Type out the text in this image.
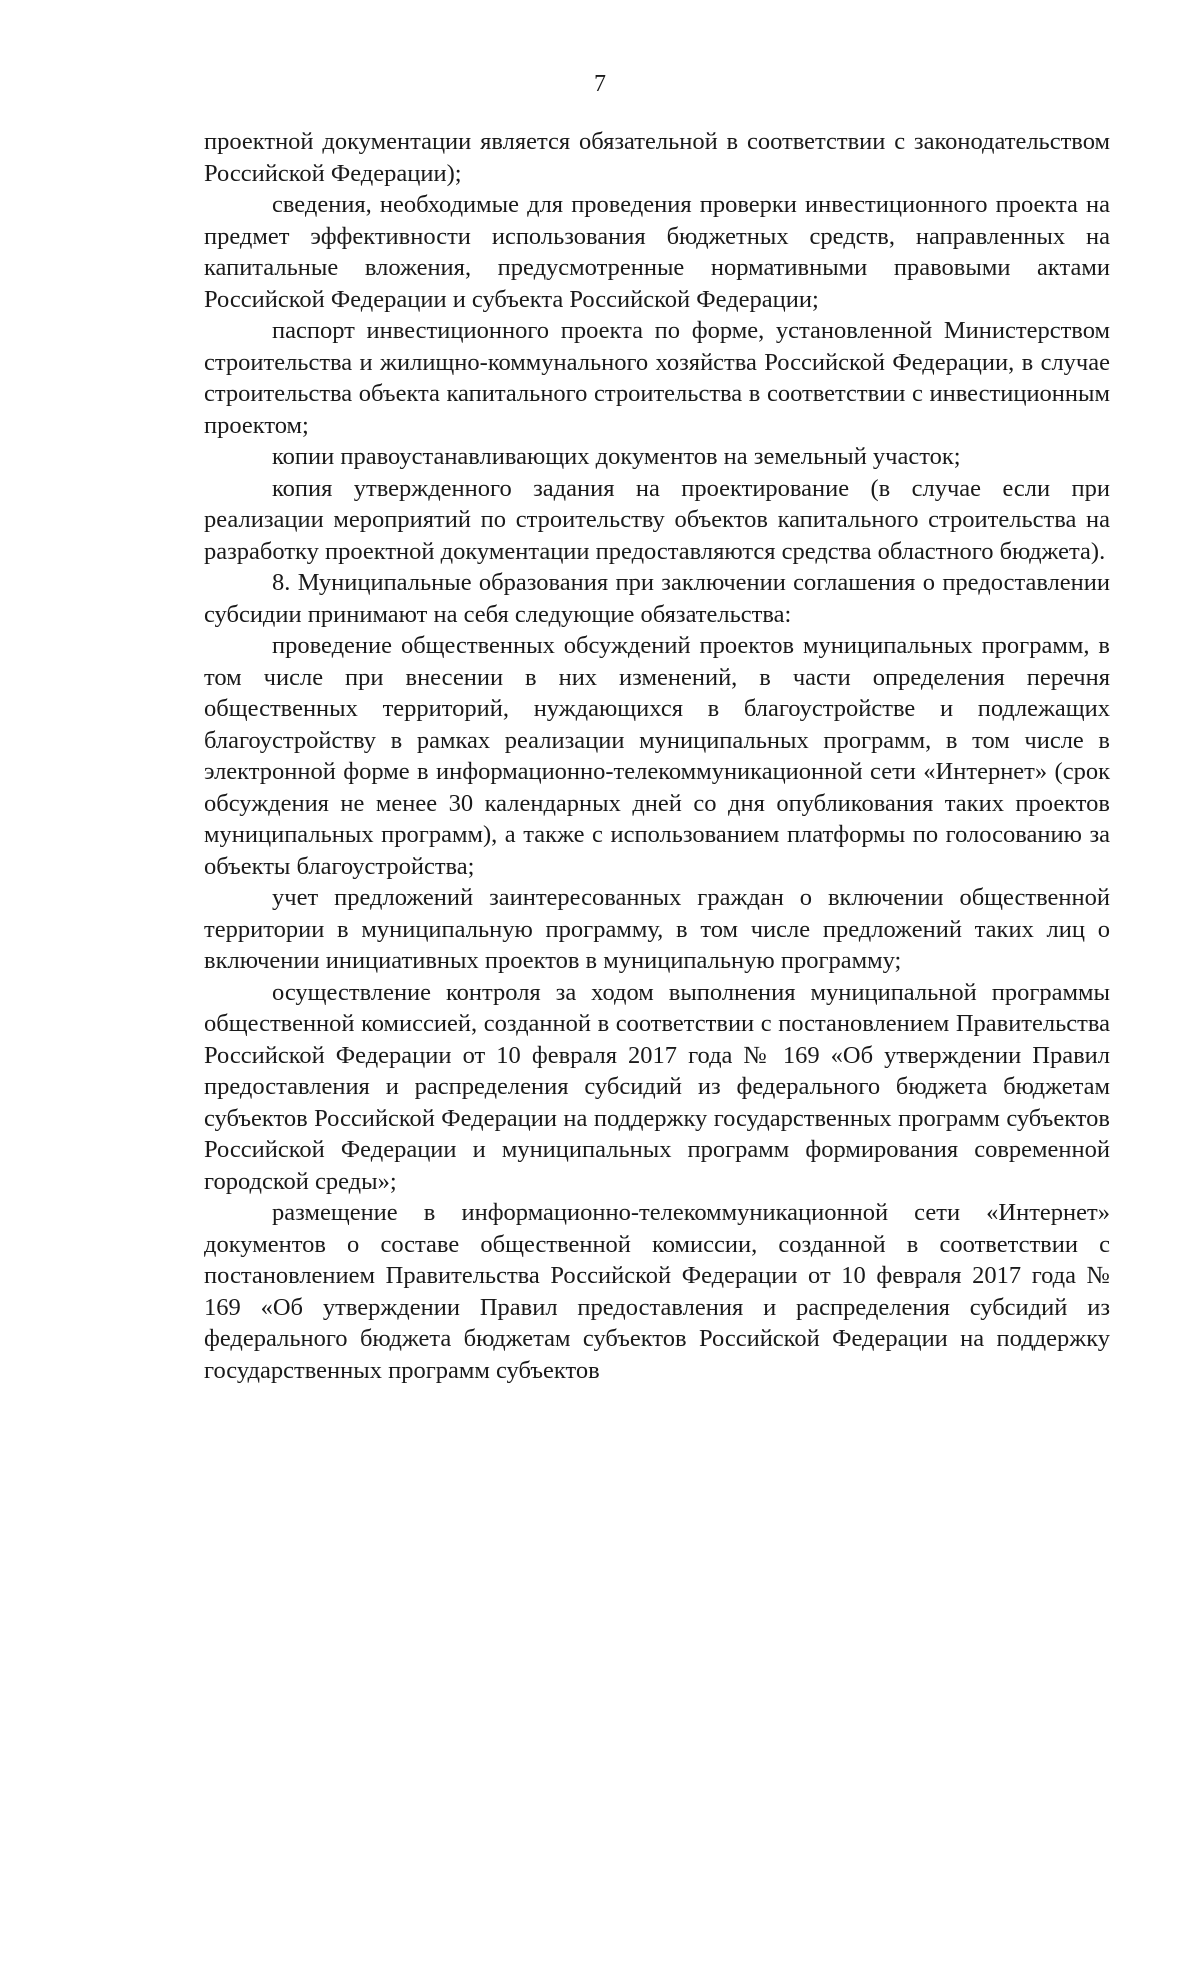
7

проектной документации является обязательной в соответствии с законодательством Российской Федерации);

сведения, необходимые для проведения проверки инвестиционного проекта на предмет эффективности использования бюджетных средств, направленных на капитальные вложения, предусмотренные нормативными правовыми актами Российской Федерации и субъекта Российской Федерации;

паспорт инвестиционного проекта по форме, установленной Министерством строительства и жилищно-коммунального хозяйства Российской Федерации, в случае строительства объекта капитального строительства в соответствии с инвестиционным проектом;

копии правоустанавливающих документов на земельный участок;

копия утвержденного задания на проектирование (в случае если при реализации мероприятий по строительству объектов капитального строительства на разработку проектной документации предоставляются средства областного бюджета).

8. Муниципальные образования при заключении соглашения о предоставлении субсидии принимают на себя следующие обязательства:

проведение общественных обсуждений проектов муниципальных программ, в том числе при внесении в них изменений, в части определения перечня общественных территорий, нуждающихся в благоустройстве и подлежащих благоустройству в рамках реализации муниципальных программ, в том числе в электронной форме в информационно-телекоммуникационной сети «Интернет» (срок обсуждения не менее 30 календарных дней со дня опубликования таких проектов муниципальных программ), а также с использованием платформы по голосованию за объекты благоустройства;

учет предложений заинтересованных граждан о включении общественной территории в муниципальную программу, в том числе предложений таких лиц о включении инициативных проектов в муниципальную программу;

осуществление контроля за ходом выполнения муниципальной программы общественной комиссией, созданной в соответствии с постановлением Правительства Российской Федерации от 10 февраля 2017 года № 169 «Об утверждении Правил предоставления и распределения субсидий из федерального бюджета бюджетам субъектов Российской Федерации на поддержку государственных программ субъектов Российской Федерации и муниципальных программ формирования современной городской среды»;

размещение в информационно-телекоммуникационной сети «Интернет» документов о составе общественной комиссии, созданной в соответствии с постановлением Правительства Российской Федерации от 10 февраля 2017 года № 169 «Об утверждении Правил предоставления и распределения субсидий из федерального бюджета бюджетам субъектов Российской Федерации на поддержку государственных программ субъектов
